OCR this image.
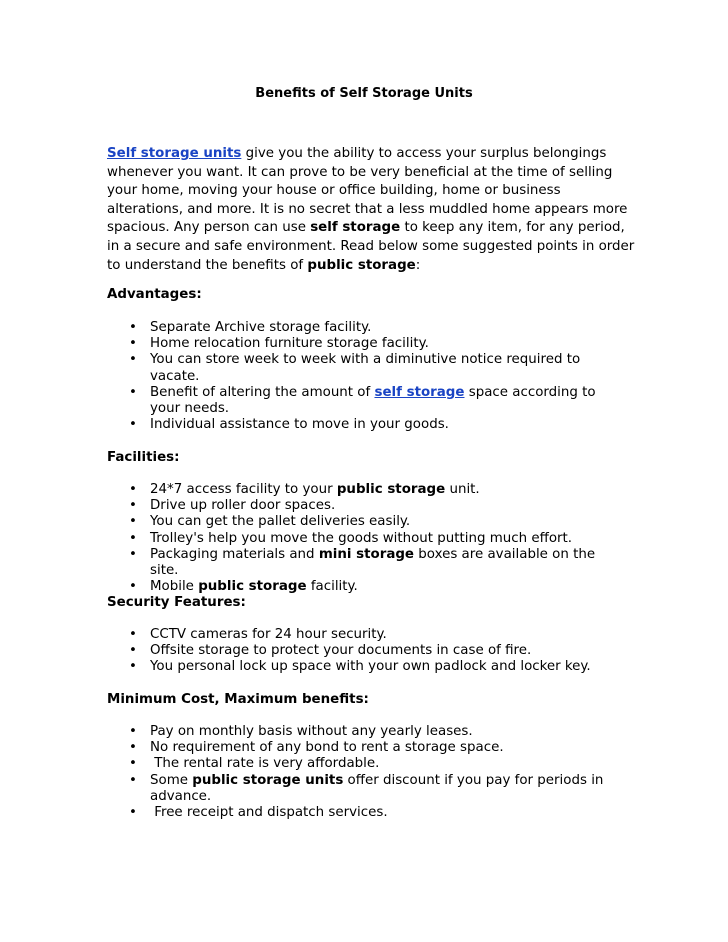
Benefits of Self Storage Units

Self storage units give you the ability to access your surplus belongings whenever you want. It can prove to be very beneficial at the time of selling your home, moving your house or office building, home or business alterations, and more. It is no secret that a less muddled home appears more spacious. Any person can use self storage to keep any item, for any period, in a secure and safe environment. Read below some suggested points in order to understand the benefits of public storage:

Advantages:
• Separate Archive storage facility.
• Home relocation furniture storage facility.
• You can store week to week with a diminutive notice required to vacate.
• Benefit of altering the amount of self storage space according to your needs.
• Individual assistance to move in your goods.
Facilities:
• 24*7 access facility to your public storage unit.
• Drive up roller door spaces.
• You can get the pallet deliveries easily.
• Trolley's help you move the goods without putting much effort.
• Packaging materials and mini storage boxes are available on the site.
• Mobile public storage facility.
Security Features:
• CCTV cameras for 24 hour security.
• Offsite storage to protect your documents in case of fire.
• You personal lock up space with your own padlock and locker key.
Minimum Cost, Maximum benefits:
• Pay on monthly basis without any yearly leases.
• No requirement of any bond to rent a storage space.
• The rental rate is very affordable.
• Some public storage units offer discount if you pay for periods in advance.
• Free receipt and dispatch services.
